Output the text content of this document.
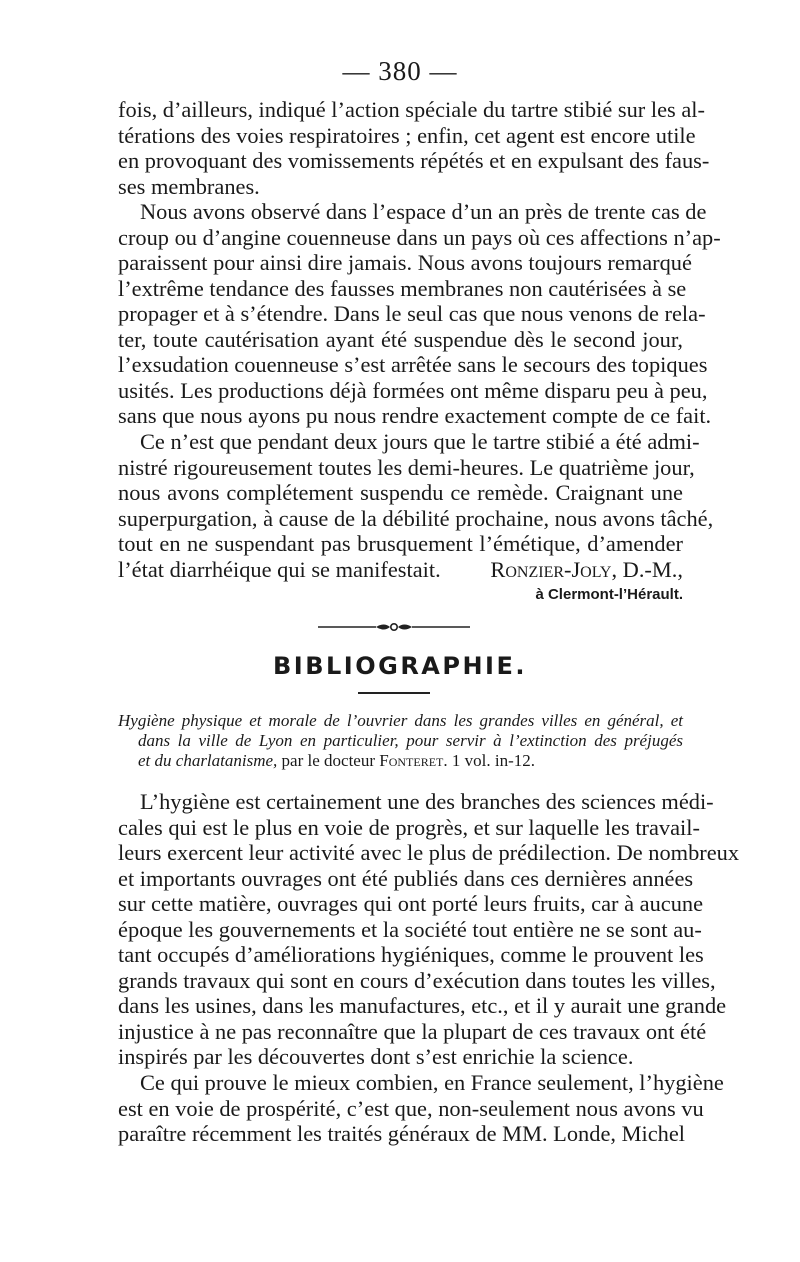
— 380 —

fois, d’ailleurs, indiqué l’action spéciale du tartre stibié sur les al-
térations des voies respiratoires ; enfin, cet agent est encore utile
en provoquant des vomissements répétés et en expulsant des faus-
ses membranes.

Nous avons observé dans l’espace d’un an près de trente cas de
croup ou d’angine couenneuse dans un pays où ces affections n’ap-
paraissent pour ainsi dire jamais. Nous avons toujours remarqué
l’extrême tendance des fausses membranes non cautérisées à se
propager et à s’étendre. Dans le seul cas que nous venons de rela-
ter, toute cautérisation ayant été suspendue dès le second jour,
l’exsudation couenneuse s’est arrêtée sans le secours des topiques
usités. Les productions déjà formées ont même disparu peu à peu,
sans que nous ayons pu nous rendre exactement compte de ce fait.

Ce n’est que pendant deux jours que le tartre stibié a été admi-
nistré rigoureusement toutes les demi-heures. Le quatrième jour,
nous avons complétement suspendu ce remède. Craignant une
superpurgation, à cause de la débilité prochaine, nous avons tâché,
tout en ne suspendant pas brusquement l’émétique, d’amender
l’état diarrhéique qui se manifestait. Ronzier-Joly, D.-M.,

à Clermont-l’Hérault.
BIBLIOGRAPHIE.
Hygiène physique et morale de l’ouvrier dans les grandes villes en général, et
dans la ville de Lyon en particulier, pour servir à l’extinction des préjugés
et du charlatanisme, par le docteur Fonteret. 1 vol. in-12.

L’hygiène est certainement une des branches des sciences médi-
cales qui est le plus en voie de progrès, et sur laquelle les travail-
leurs exercent leur activité avec le plus de prédilection. De nombreux
et importants ouvrages ont été publiés dans ces dernières années
sur cette matière, ouvrages qui ont porté leurs fruits, car à aucune
époque les gouvernements et la société tout entière ne se sont au-
tant occupés d’améliorations hygiéniques, comme le prouvent les
grands travaux qui sont en cours d’exécution dans toutes les villes,
dans les usines, dans les manufactures, etc., et il y aurait une grande
injustice à ne pas reconnaître que la plupart de ces travaux ont été
inspirés par les découvertes dont s’est enrichie la science.

Ce qui prouve le mieux combien, en France seulement, l’hygiène
est en voie de prospérité, c’est que, non-seulement nous avons vu
paraître récemment les traités généraux de MM. Londe, Michel
